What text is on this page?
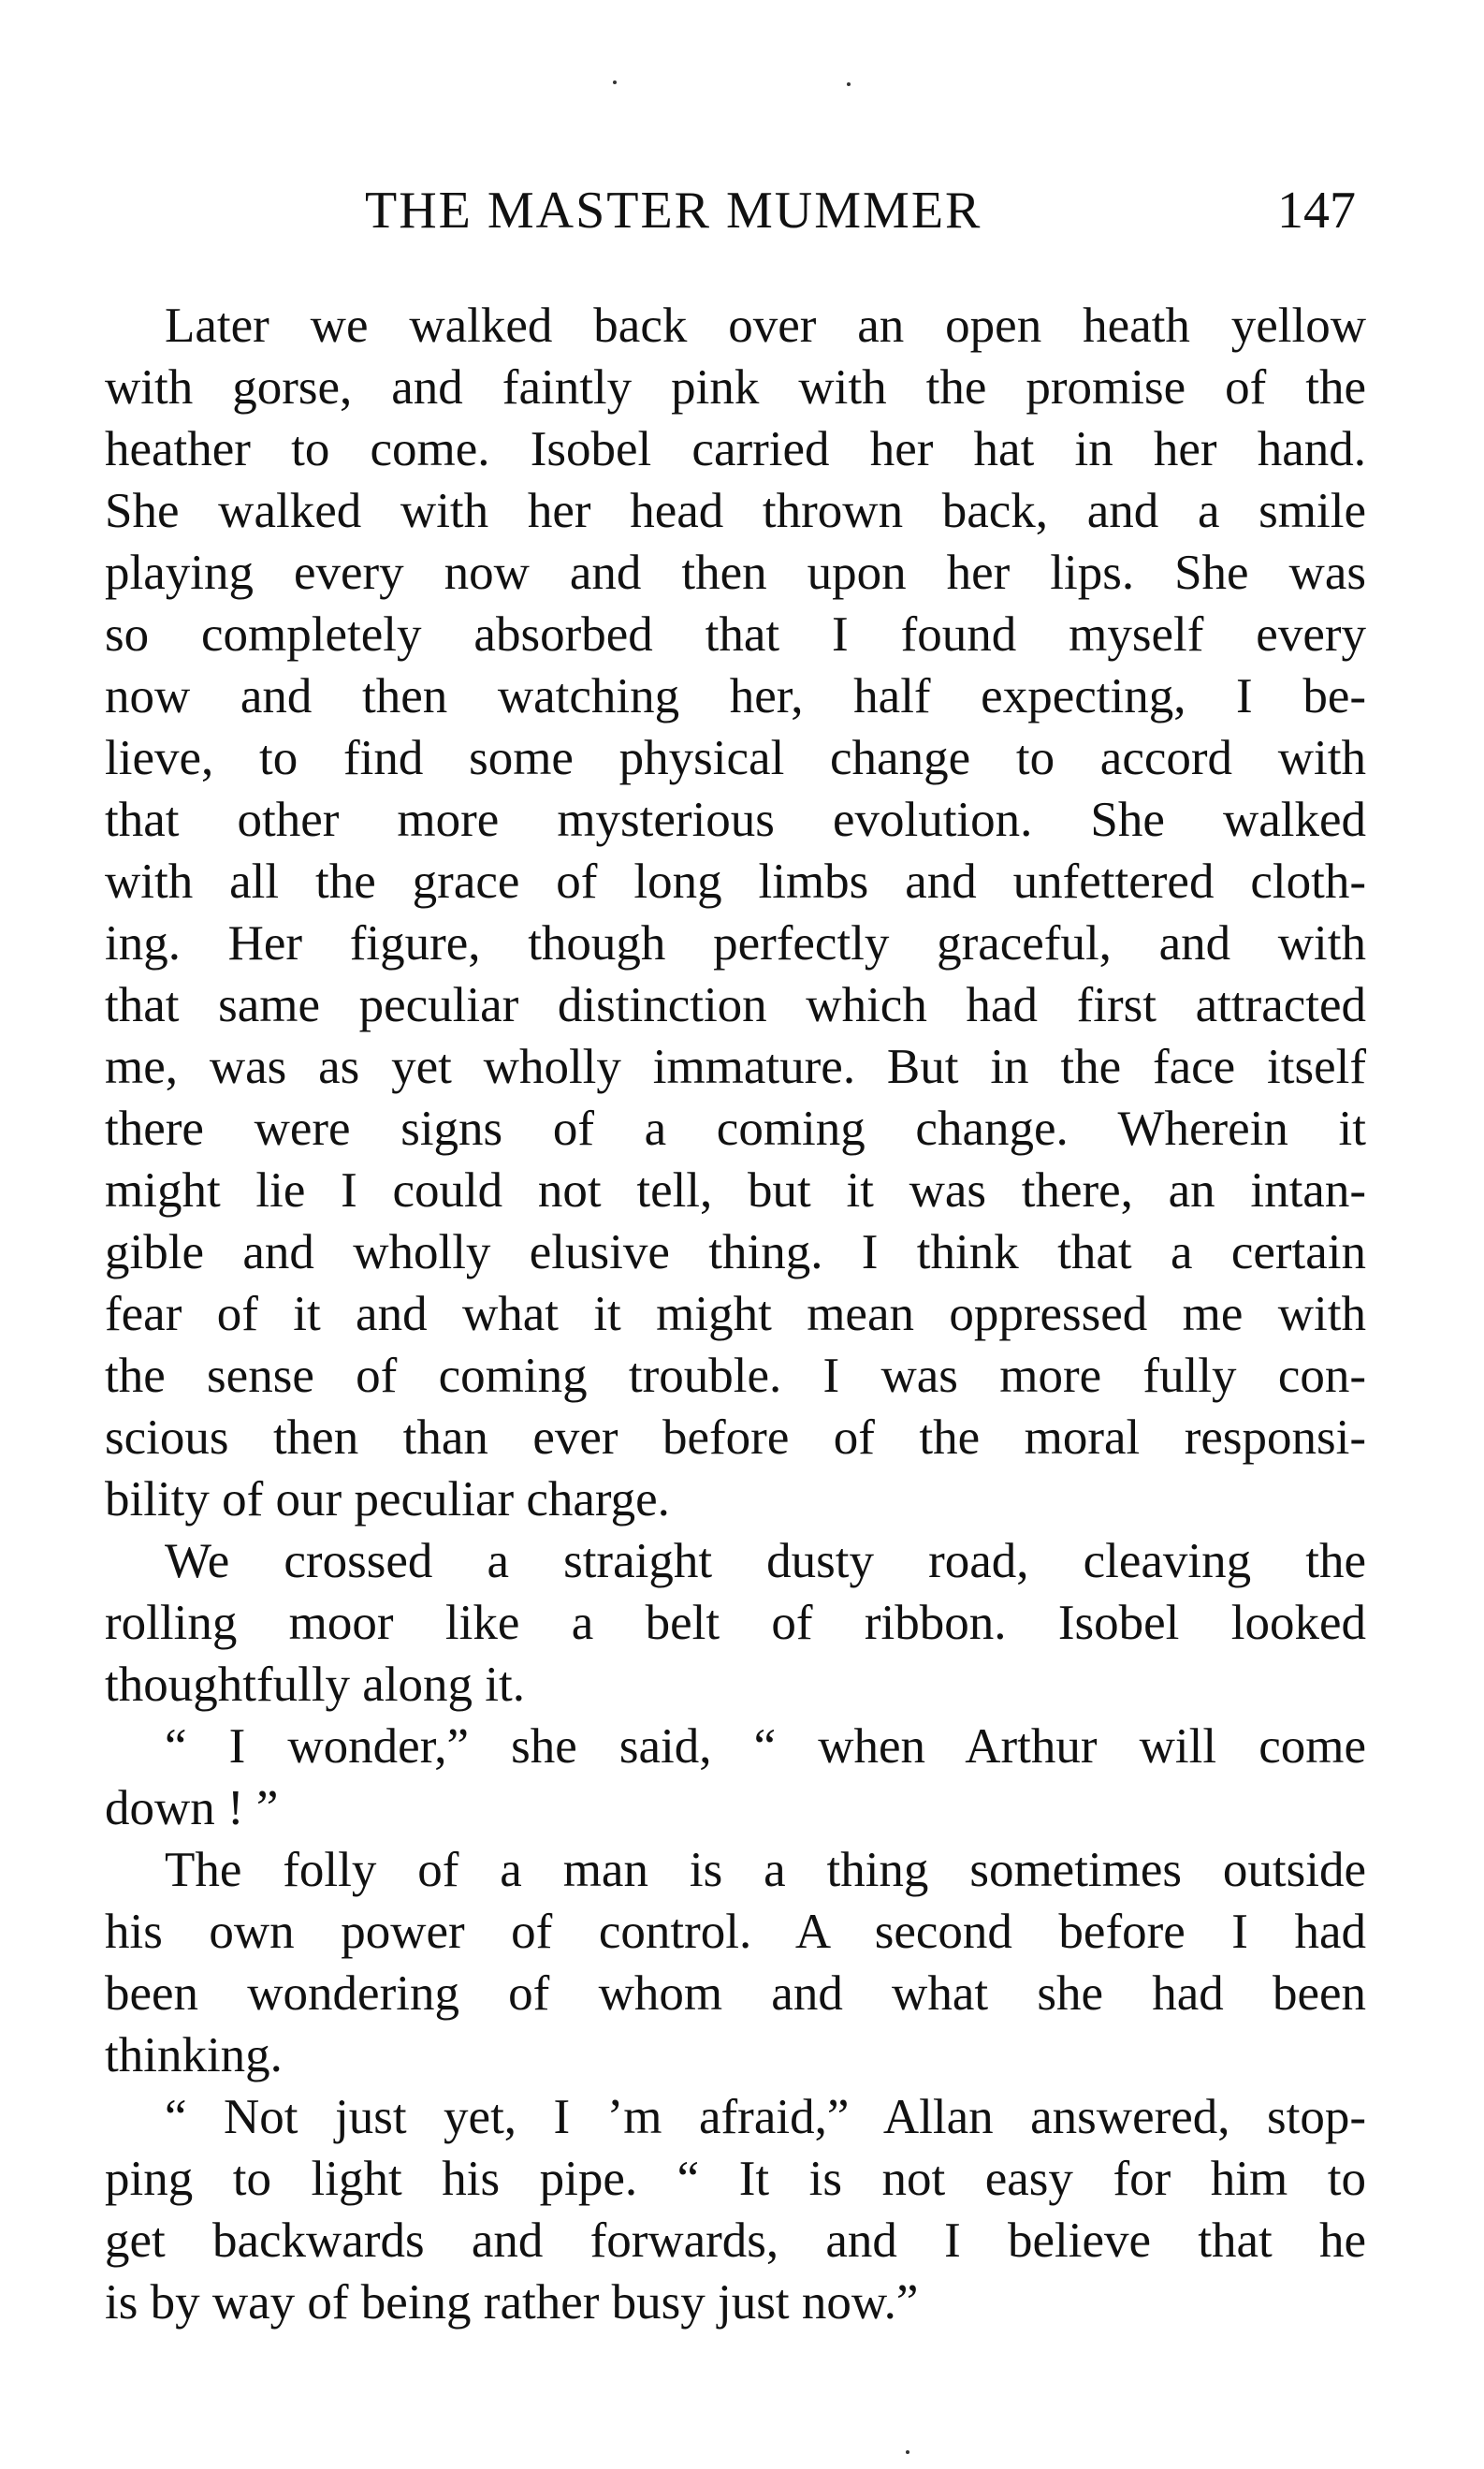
THE MASTER MUMMER	147
Later we walked back over an open heath yellow
with gorse, and faintly pink with the promise of the
heather to come. Isobel carried her hat in her hand.
She walked with her head thrown back, and a smile
playing every now and then upon her lips. She was
so completely absorbed that I found myself every
now and then watching her, half expecting, I be-
lieve, to find some physical change to accord with
that other more mysterious evolution. She walked
with all the grace of long limbs and unfettered cloth-
ing. Her figure, though perfectly graceful, and with
that same peculiar distinction which had first attracted
me, was as yet wholly immature. But in the face itself
there were signs of a coming change. Wherein it
might lie I could not tell, but it was there, an intan-
gible and wholly elusive thing. I think that a certain
fear of it and what it might mean oppressed me with
the sense of coming trouble. I was more fully con-
scious then than ever before of the moral responsi-
bility of our peculiar charge.
We crossed a straight dusty road, cleaving the
rolling moor like a belt of ribbon. Isobel looked
thoughtfully along it.
“ I wonder,” she said, “ when Arthur will come
down ! ”
The folly of a man is a thing sometimes outside
his own power of control. A second before I had
been wondering of whom and what she had been
thinking.
“ Not just yet, I ’m afraid,” Allan answered, stop-
ping to light his pipe. “ It is not easy for him to
get backwards and forwards, and I believe that he
is by way of being rather busy just now.”
